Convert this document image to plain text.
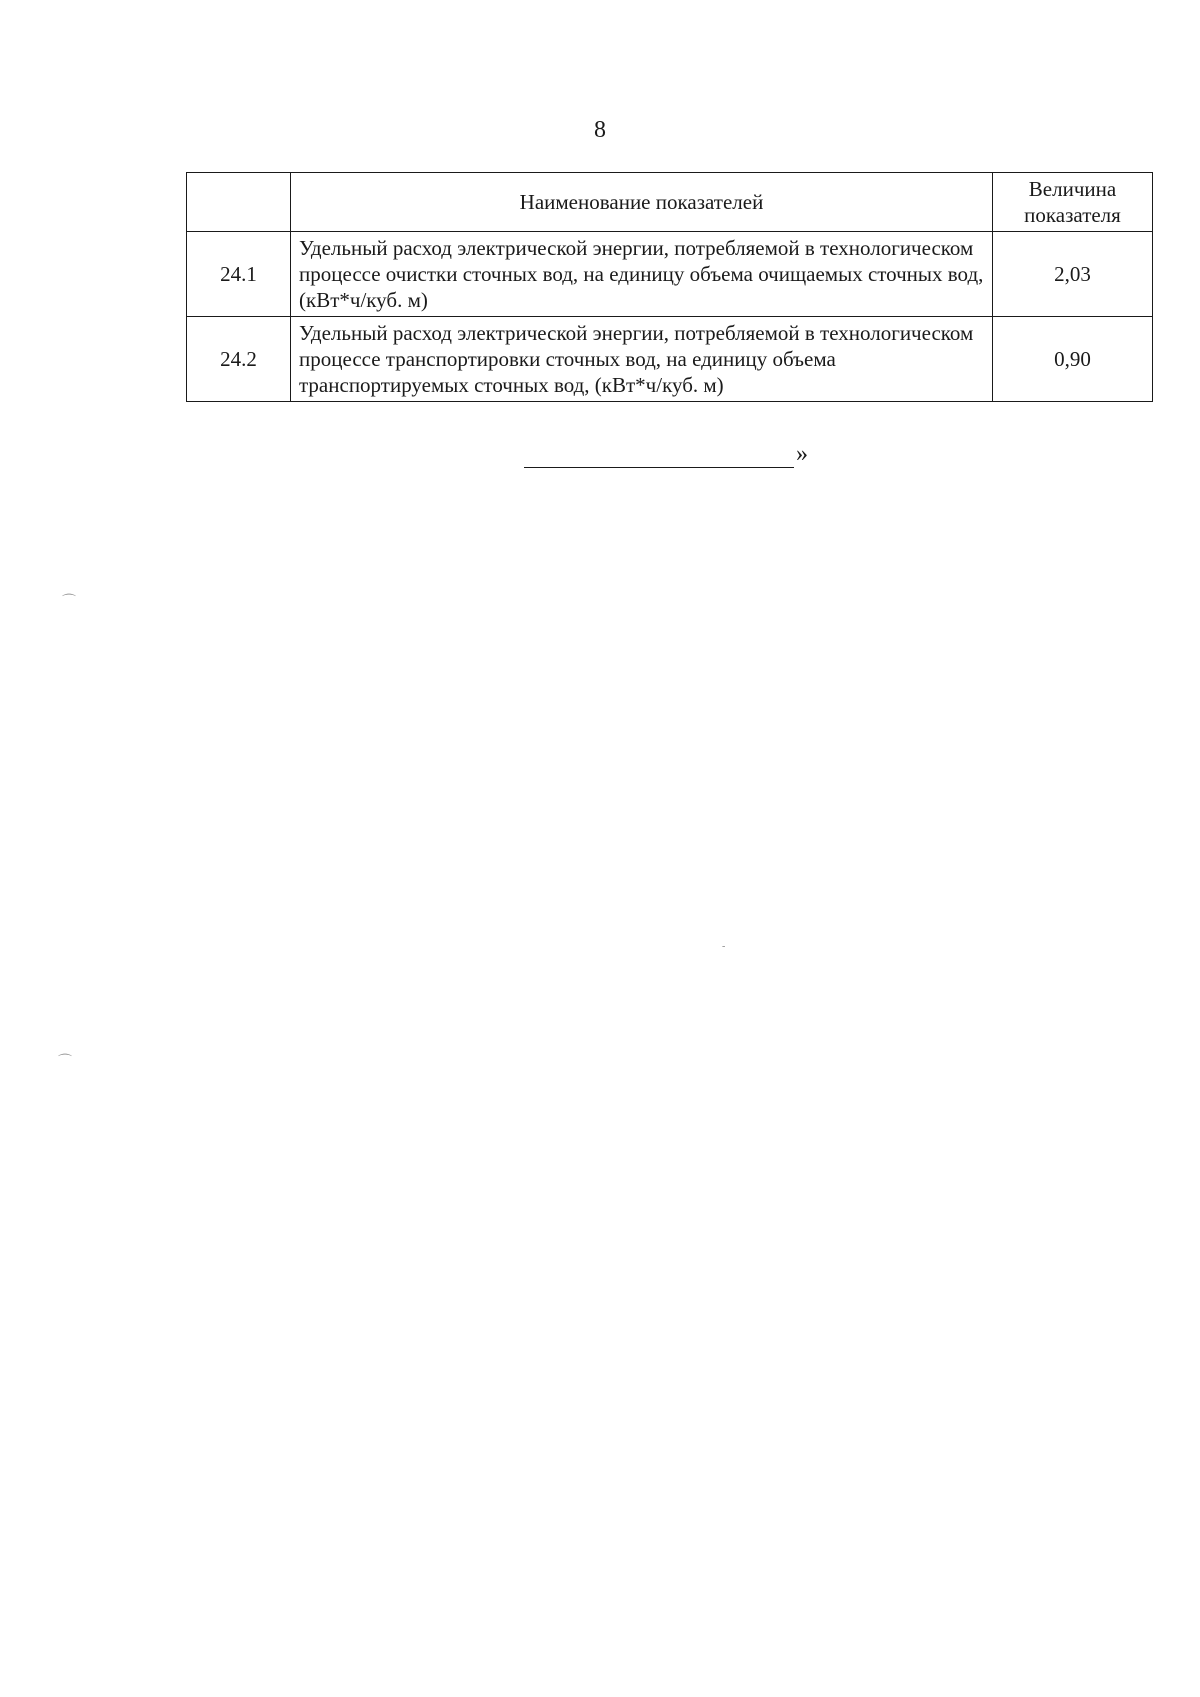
8
	Наименование показателей	Величина показателя
24.1	Удельный расход электрической энергии, потребляемой в технологическом процессе очистки сточных вод, на единицу объема очищаемых сточных вод, (кВт*ч/куб. м)	2,03
24.2	Удельный расход электрической энергии, потребляемой в технологическом процессе транспортировки сточных вод, на единицу объема транспортируемых сточных вод, (кВт*ч/куб. м)	0,90
»
⌒
⌒
-
